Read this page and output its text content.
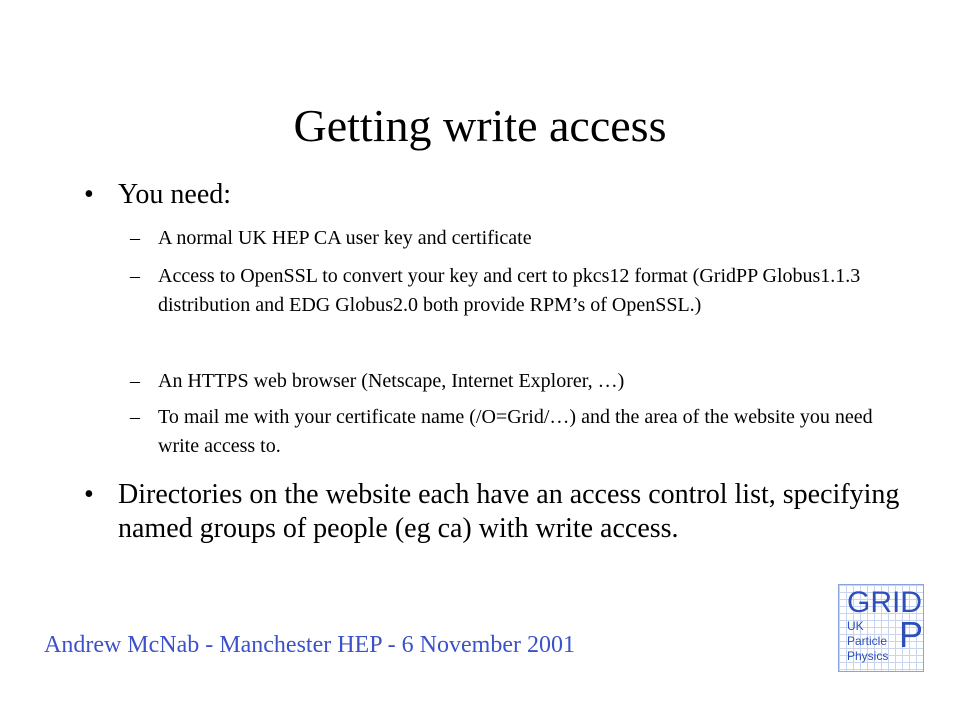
Getting write access
• You need:
– A normal UK HEP CA user key and certificate
– Access to OpenSSL to convert your key and cert to pkcs12 format (GridPP Globus1.1.3 distribution and EDG Globus2.0 both provide RPM’s of OpenSSL.)
– An HTTPS web browser (Netscape, Internet Explorer, …)
– To mail me with your certificate name (/O=Grid/…) and the area of the website you need write access to.
• Directories on the website each have an access control list, specifying named groups of people (eg ca) with write access.
Andrew McNab - Manchester HEP - 6 November 2001
GRID
UK
Particle
Physics
P
